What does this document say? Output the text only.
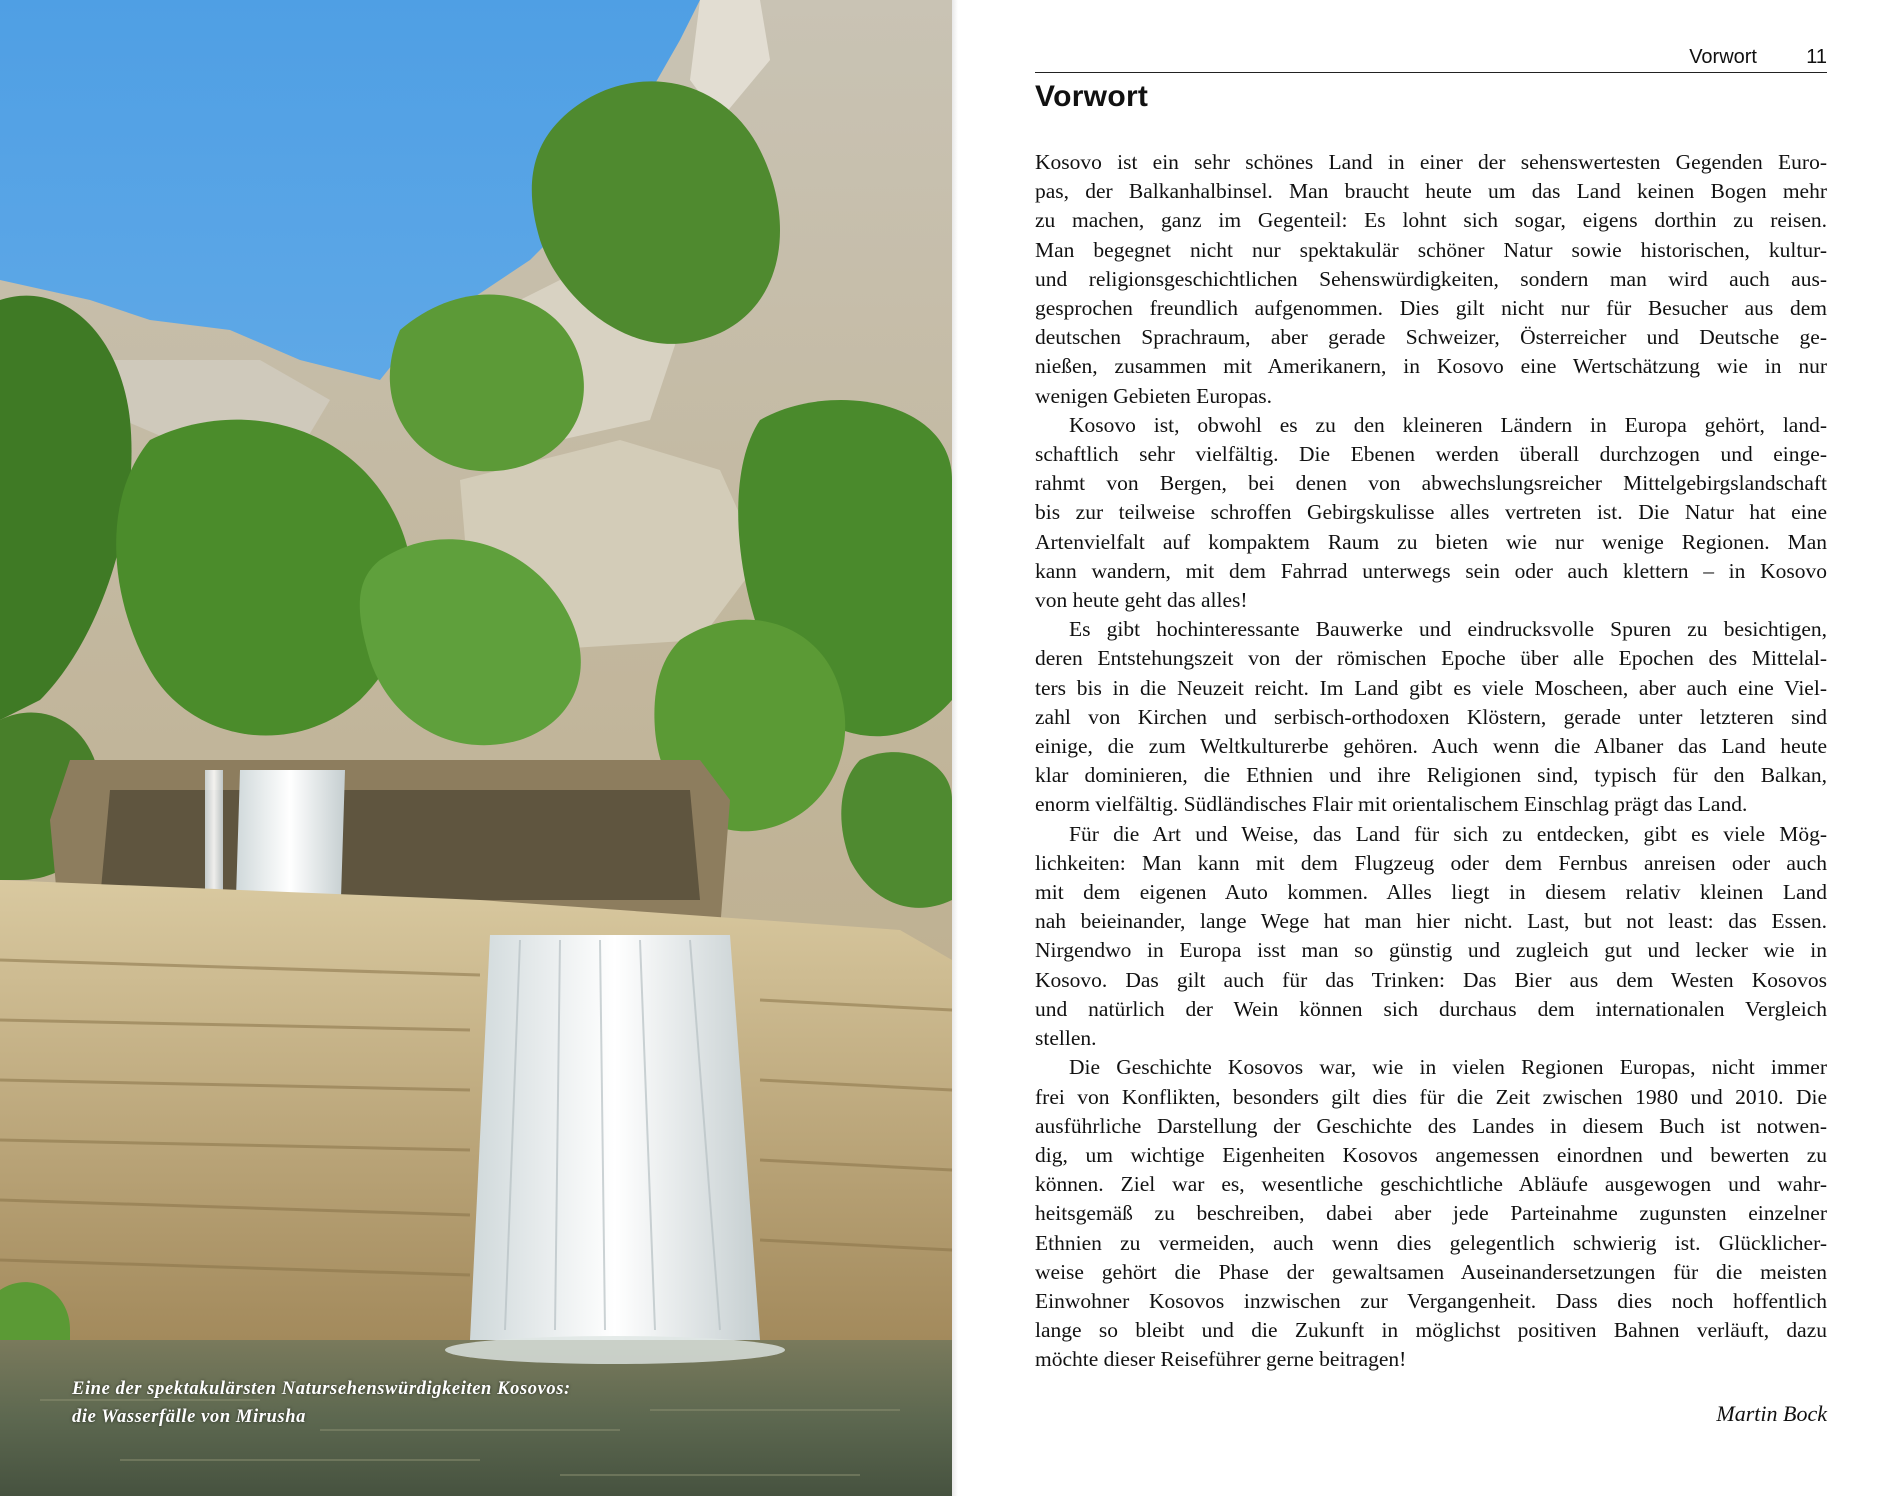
Eine der spektakulärsten Natursehenswürdigkeiten Kosovos:
die Wasserfälle von Mirusha
Vorwort 11
Vorwort

Kosovo ist ein sehr schönes Land in einer der sehenswertesten Gegenden Euro-
pas, der Balkanhalbinsel. Man braucht heute um das Land keinen Bogen mehr
zu machen, ganz im Gegenteil: Es lohnt sich sogar, eigens dorthin zu reisen.
Man begegnet nicht nur spektakulär schöner Natur sowie historischen, kultur-
und religionsgeschichtlichen Sehenswürdigkeiten, sondern man wird auch aus-
gesprochen freundlich aufgenommen. Dies gilt nicht nur für Besucher aus dem
deutschen Sprachraum, aber gerade Schweizer, Österreicher und Deutsche ge-
nießen, zusammen mit Amerikanern, in Kosovo eine Wertschätzung wie in nur
wenigen Gebieten Europas.

Kosovo ist, obwohl es zu den kleineren Ländern in Europa gehört, land-
schaftlich sehr vielfältig. Die Ebenen werden überall durchzogen und einge-
rahmt von Bergen, bei denen von abwechslungsreicher Mittelgebirgslandschaft
bis zur teilweise schroffen Gebirgskulisse alles vertreten ist. Die Natur hat eine
Artenvielfalt auf kompaktem Raum zu bieten wie nur wenige Regionen. Man
kann wandern, mit dem Fahrrad unterwegs sein oder auch klettern – in Kosovo
von heute geht das alles!

Es gibt hochinteressante Bauwerke und eindrucksvolle Spuren zu besichtigen,
deren Entstehungszeit von der römischen Epoche über alle Epochen des Mittelal-
ters bis in die Neuzeit reicht. Im Land gibt es viele Moscheen, aber auch eine Viel-
zahl von Kirchen und serbisch-orthodoxen Klöstern, gerade unter letzteren sind
einige, die zum Weltkulturerbe gehören. Auch wenn die Albaner das Land heute
klar dominieren, die Ethnien und ihre Religionen sind, typisch für den Balkan,
enorm vielfältig. Südländisches Flair mit orientalischem Einschlag prägt das Land.

Für die Art und Weise, das Land für sich zu entdecken, gibt es viele Mög-
lichkeiten: Man kann mit dem Flugzeug oder dem Fernbus anreisen oder auch
mit dem eigenen Auto kommen. Alles liegt in diesem relativ kleinen Land
nah beieinander, lange Wege hat man hier nicht. Last, but not least: das Essen.
Nirgendwo in Europa isst man so günstig und zugleich gut und lecker wie in
Kosovo. Das gilt auch für das Trinken: Das Bier aus dem Westen Kosovos
und natürlich der Wein können sich durchaus dem internationalen Vergleich
stellen.

Die Geschichte Kosovos war, wie in vielen Regionen Europas, nicht immer
frei von Konflikten, besonders gilt dies für die Zeit zwischen 1980 und 2010. Die
ausführliche Darstellung der Geschichte des Landes in diesem Buch ist notwen-
dig, um wichtige Eigenheiten Kosovos angemessen einordnen und bewerten zu
können. Ziel war es, wesentliche geschichtliche Abläufe ausgewogen und wahr-
heitsgemäß zu beschreiben, dabei aber jede Parteinahme zugunsten einzelner
Ethnien zu vermeiden, auch wenn dies gelegentlich schwierig ist. Glücklicher-
weise gehört die Phase der gewaltsamen Auseinandersetzungen für die meisten
Einwohner Kosovos inzwischen zur Vergangenheit. Dass dies noch hoffentlich
lange so bleibt und die Zukunft in möglichst positiven Bahnen verläuft, dazu
möchte dieser Reiseführer gerne beitragen!

Martin Bock
